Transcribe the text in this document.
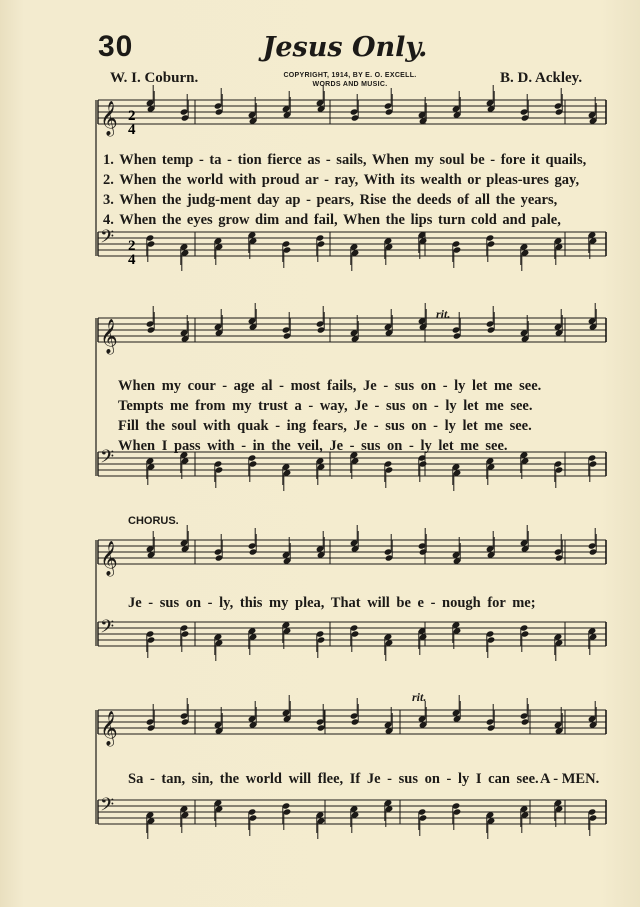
30	Jesus Only.
W. I. Coburn.	COPYRIGHT, 1914, BY E. O. EXCELL.
WORDS AND MUSIC.	B. D. Ackley.
𝄞
𝄢
𝄞
𝄢
𝄞
𝄢
𝄞
𝄢
2
4
2
4
1. When temp - ta - tion fierce as - sails, When my soul be - fore it quails,
2. When the world with proud ar - ray, With its wealth or pleas-ures gay,
3. When the judg-ment day ap - pears, Rise the deeds of all the years,
4. When the eyes grow dim and fail, When the lips turn cold and pale,
rit.
When my cour - age al - most fails, Je - sus on - ly let me see.
Tempts me from my trust a - way, Je - sus on - ly let me see.
Fill the soul with quak - ing fears, Je - sus on - ly let me see.
When I pass with - in the veil, Je - sus on - ly let me see.
CHORUS.
Je - sus on - ly, this my plea, That will be e - nough for me;
rit.
Sa - tan, sin, the world will flee, If Je - sus on - ly I can see. A - MEN.
